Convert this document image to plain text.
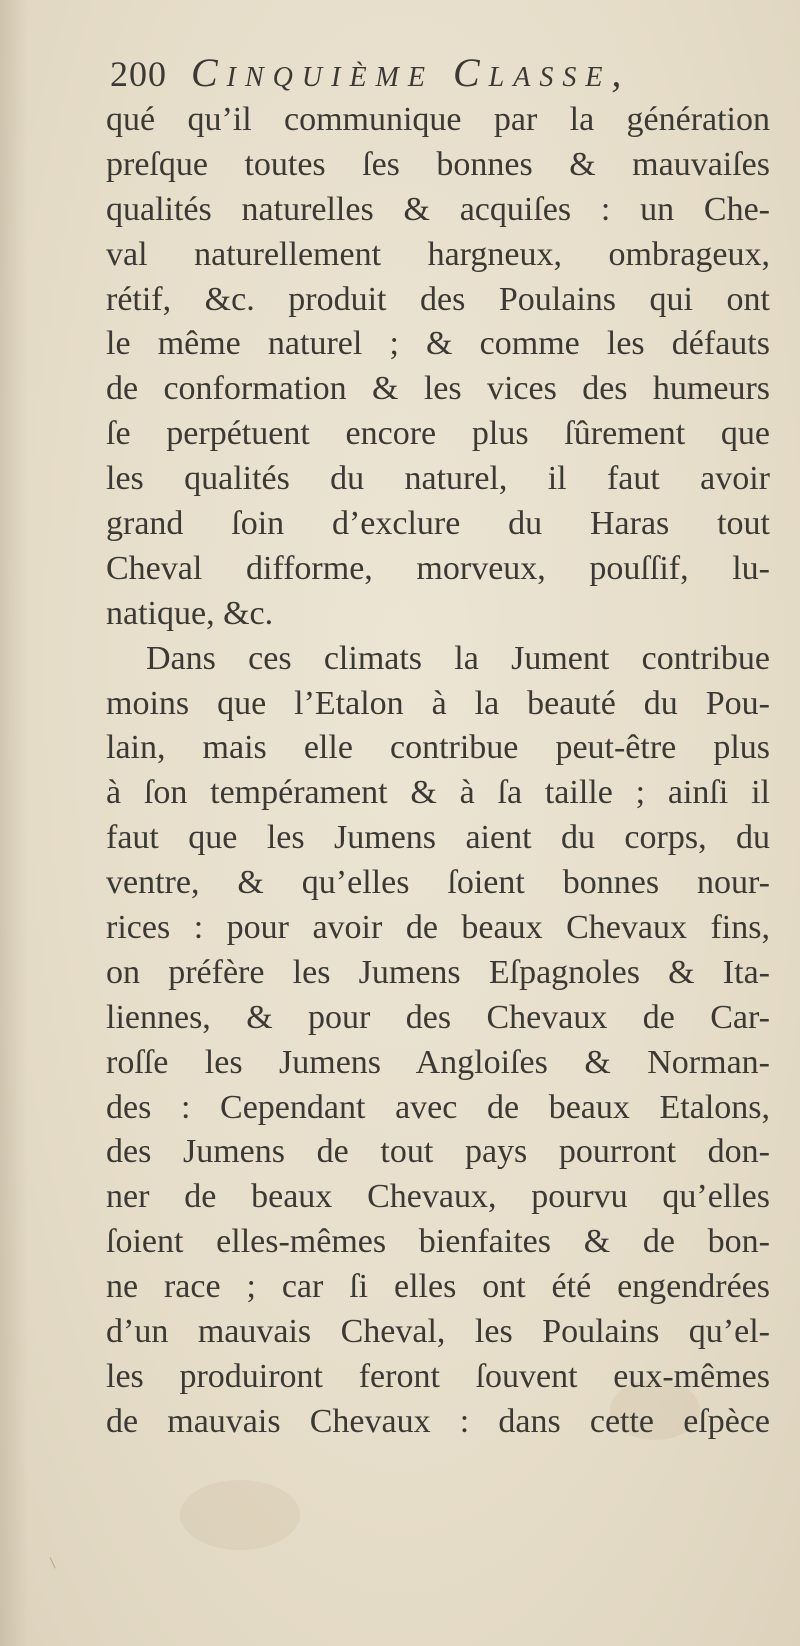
200 Cinquième Classe,
qué qu’il communique par la génération
preſque toutes ſes bonnes & mauvaiſes
qualités naturelles & acquiſes : un Che-
val naturellement hargneux, ombrageux,
rétif, &c. produit des Poulains qui ont
le même naturel ; & comme les défauts
de conformation & les vices des humeurs
ſe perpétuent encore plus ſûrement que
les qualités du naturel, il faut avoir
grand ſoin d’exclure du Haras tout
Cheval difforme, morveux, pouſſif, lu-
natique, &c.
Dans ces climats la Jument contribue
moins que l’Etalon à la beauté du Pou-
lain, mais elle contribue peut-être plus
à ſon tempérament & à ſa taille ; ainſi il
faut que les Jumens aient du corps, du
ventre, & qu’elles ſoient bonnes nour-
rices : pour avoir de beaux Chevaux fins,
on préfère les Jumens Eſpagnoles & Ita-
liennes, & pour des Chevaux de Car-
roſſe les Jumens Angloiſes & Norman-
des : Cependant avec de beaux Etalons,
des Jumens de tout pays pourront don-
ner de beaux Chevaux, pourvu qu’elles
ſoient elles-mêmes bienfaites & de bon-
ne race ; car ſi elles ont été engendrées
d’un mauvais Cheval, les Poulains qu’el-
les produiront feront ſouvent eux-mêmes
de mauvais Chevaux : dans cette eſpèce
